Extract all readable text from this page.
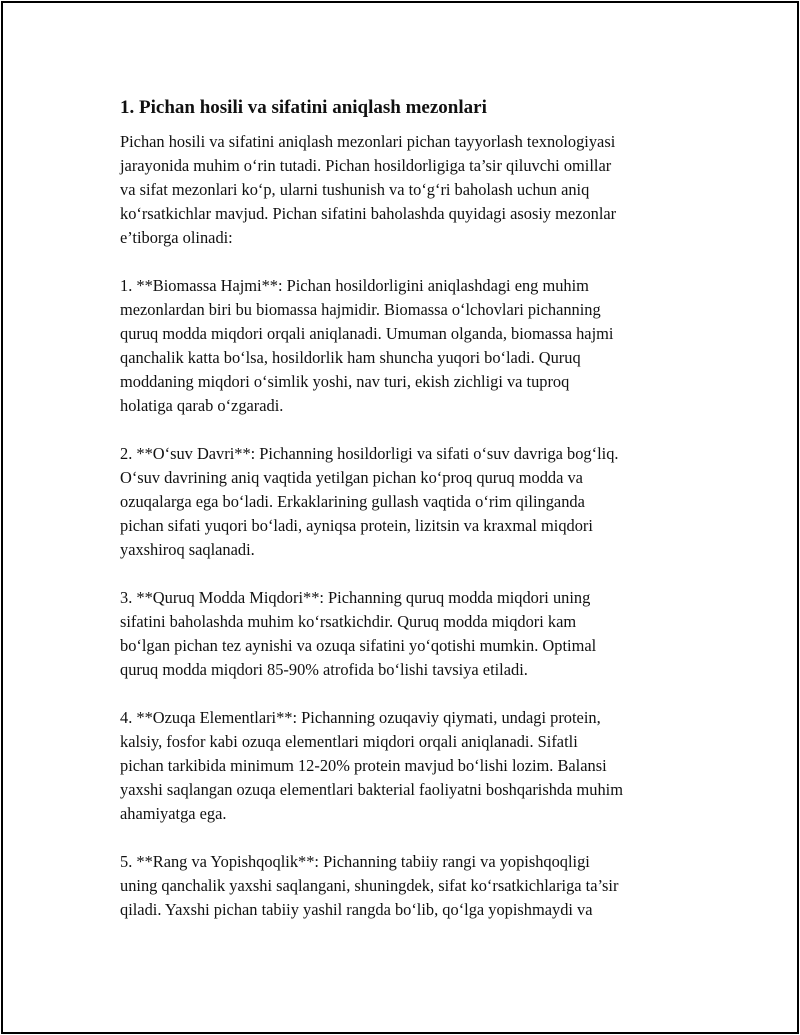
1. Pichan hosili va sifatini aniqlash mezonlari
Pichan hosili va sifatini aniqlash mezonlari pichan tayyorlash texnologiyasi
jarayonida muhim o‘rin tutadi. Pichan hosildorligiga ta’sir qiluvchi omillar
va sifat mezonlari ko‘p, ularni tushunish va to‘g‘ri baholash uchun aniq
ko‘rsatkichlar mavjud. Pichan sifatini baholashda quyidagi asosiy mezonlar
e’tiborga olinadi:
1. **Biomassa Hajmi**: Pichan hosildorligini aniqlashdagi eng muhim
mezonlardan biri bu biomassa hajmidir. Biomassa o‘lchovlari pichanning
quruq modda miqdori orqali aniqlanadi. Umuman olganda, biomassa hajmi
qanchalik katta bo‘lsa, hosildorlik ham shuncha yuqori bo‘ladi. Quruq
moddaning miqdori o‘simlik yoshi, nav turi, ekish zichligi va tuproq
holatiga qarab o‘zgaradi.
2. **O‘suv Davri**: Pichanning hosildorligi va sifati o‘suv davriga bog‘liq.
O‘suv davrining aniq vaqtida yetilgan pichan ko‘proq quruq modda va
ozuqalarga ega bo‘ladi. Erkaklarining gullash vaqtida o‘rim qilinganda
pichan sifati yuqori bo‘ladi, ayniqsa protein, lizitsin va kraxmal miqdori
yaxshiroq saqlanadi.
3. **Quruq Modda Miqdori**: Pichanning quruq modda miqdori uning
sifatini baholashda muhim ko‘rsatkichdir. Quruq modda miqdori kam
bo‘lgan pichan tez aynishi va ozuqa sifatini yo‘qotishi mumkin. Optimal
quruq modda miqdori 85-90% atrofida bo‘lishi tavsiya etiladi.
4. **Ozuqa Elementlari**: Pichanning ozuqaviy qiymati, undagi protein,
kalsiy, fosfor kabi ozuqa elementlari miqdori orqali aniqlanadi. Sifatli
pichan tarkibida minimum 12-20% protein mavjud bo‘lishi lozim. Balansi
yaxshi saqlangan ozuqa elementlari bakterial faoliyatni boshqarishda muhim
ahamiyatga ega.
5. **Rang va Yopishqoqlik**: Pichanning tabiiy rangi va yopishqoqligi
uning qanchalik yaxshi saqlangani, shuningdek, sifat ko‘rsatkichlariga ta’sir
qiladi. Yaxshi pichan tabiiy yashil rangda bo‘lib, qo‘lga yopishmaydi va
